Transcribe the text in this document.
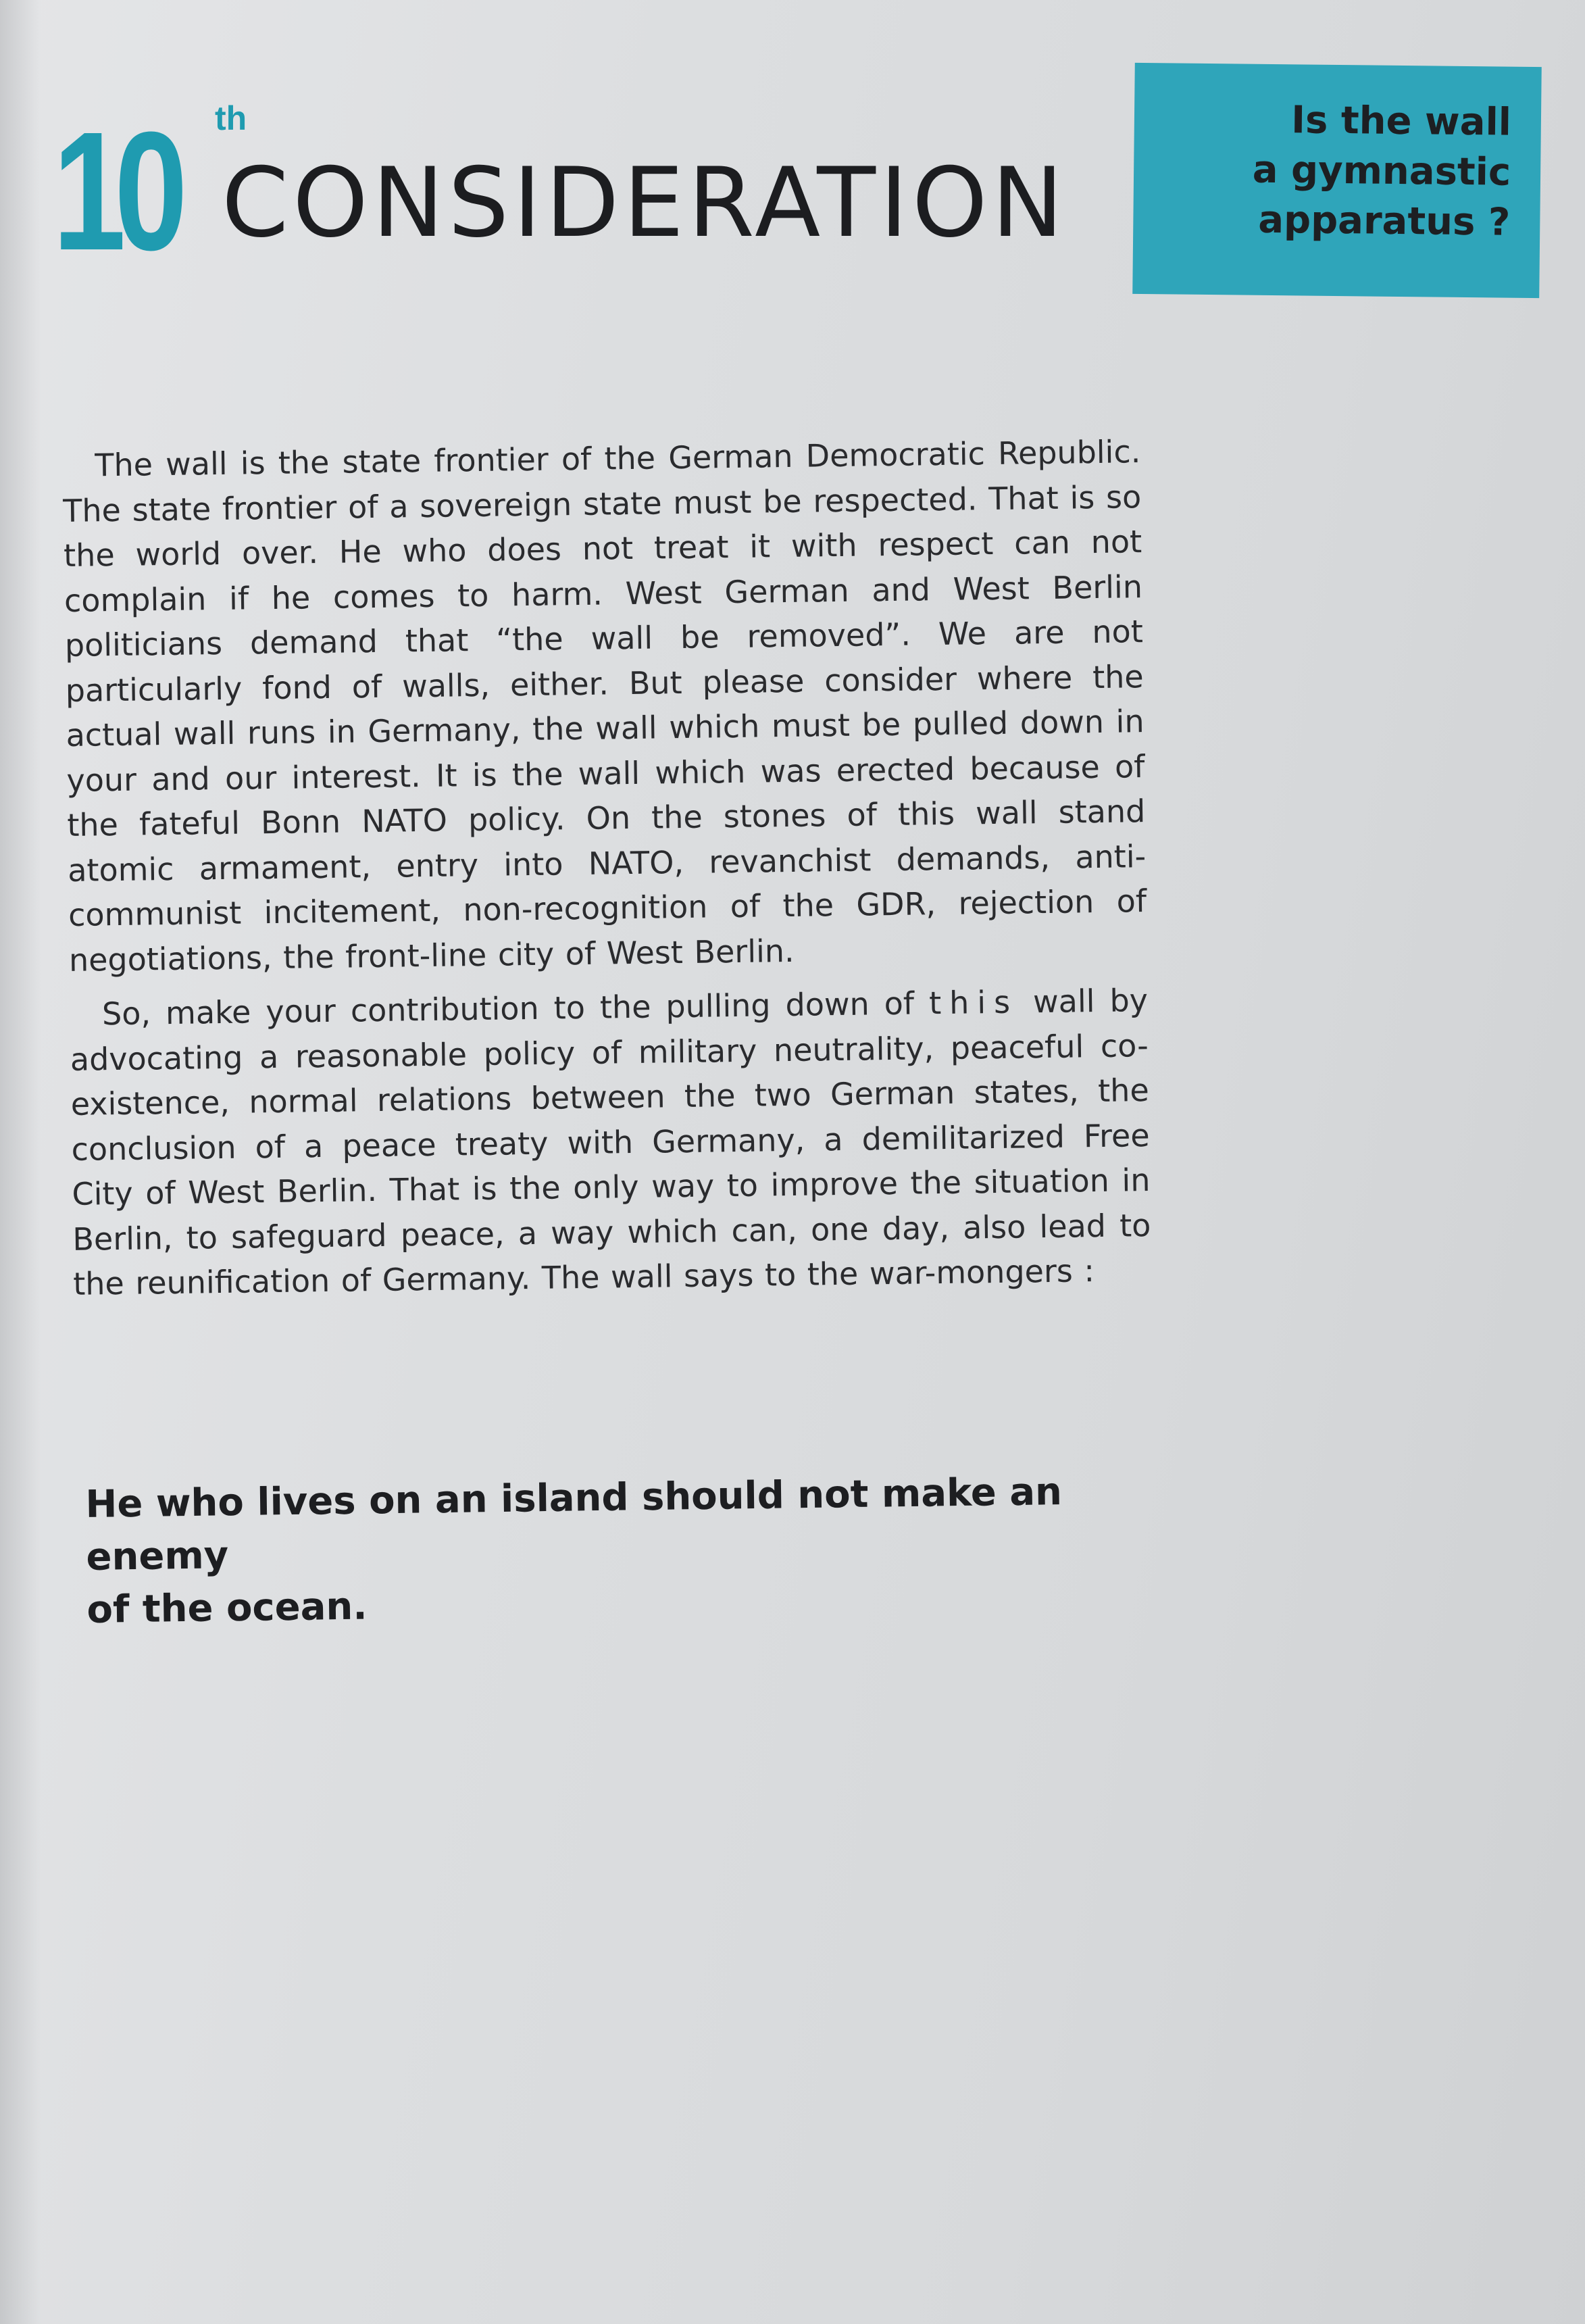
10 th
CONSIDERATION
Is the wall
a gymnastic
apparatus ?

The wall is the state frontier of the German Democratic Republic. The state frontier of a sovereign state must be respected. That is so the world over. He who does not treat it with respect can not complain if he comes to harm. West German and West Berlin politicians demand that “the wall be removed”. We are not particularly fond of walls, either. But please consider where the actual wall runs in Germany, the wall which must be pulled down in your and our interest. It is the wall which was erected because of the fateful Bonn NATO policy. On the stones of this wall stand atomic armament, entry into NATO, revanchist demands, anti-communist incitement, non-recognition of the GDR, rejection of negotiations, the front-line city of West Berlin.

So, make your contribution to the pulling down of this wall by advocating a reasonable policy of military neutrality, peaceful co-existence, normal relations between the two German states, the conclusion of a peace treaty with Germany, a demilitarized Free City of West Berlin. That is the only way to improve the situation in Berlin, to safeguard peace, a way which can, one day, also lead to the reunification of Germany. The wall says to the war-mongers :

He who lives on an island should not make an enemy
of the ocean.
